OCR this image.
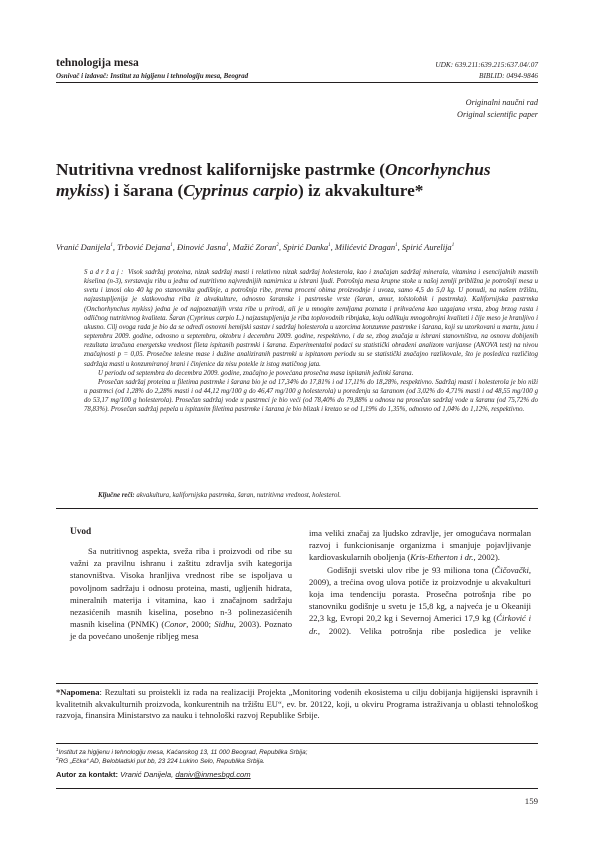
tehnologija mesa
Osnivač i izdavač: Institut za higijenu i tehnologiju mesa, Beograd
UDK: 639.211:639.215:637.04/.07
BIBLID: 0494-9846
Originalni naučni rad
Original scientific paper
Nutritivna vrednost kalifornijske pastrmke (Oncorhynchus mykiss) i šarana (Cyprinus carpio) iz akvakulture*
Vranić Danijela$^1$, Trbović Dejana$^1$, Đinović Jasna$^1$, Mažić Zoran$^2$, Spirić Danka$^1$, Milićević Dragan$^1$, Spirić Aurelija$^1$

Sadržaj: Visok sadržaj proteina, nizak sadržaj masti i relativno nizak sadržaj holesterola, kao i značajan sadržaj minerala, vitamina i esencijalnih masnih kiselina (n-3), svrstavaju ribu u jednu od nutritivno najvrednijih namirnica u ishrani ljudi. Potrošnja mesa krupne stoke u našoj zemlji približna je potrošnji mesa u svetu i iznosi oko 40 kg po stanovniku godišnje, a potrošnja ribe, prema proceni obima proizvodnje i uvoza, samo 4,5 do 5,0 kg. U ponudi, na našem tržištu, najzastupljenija je slatkovodna riba iz akvakulture, odnosno šaranske i pastrmske vrste (šaran, amur, tolstolobik i pastrmka). Kalifornijska pastrmka (Onchorhynchus mykiss) jedna je od najpoznatijih vrsta ribe u prirodi, ali je u mnogim zemljama poznata i prihvaćena kao uzgajana vrsta, zbog brzog rasta i odličnog nutritivnog kvaliteta. Šaran (Cyprinus carpio L.) najzastupljenija je riba toplovodnih ribnjaka, koju odlikuju mnogobrojni kvaliteti i čije meso je hranljivo i ukusno. Cilj ovoga rada je bio da se odredi osnovni hemijski sastav i sadržaj holesterola u uzorcima konzumne pastrmke i šarana, koji su uzorkovani u martu, junu i septembru 2009. godine, odnosno u septembru, oktobru i decembru 2009. godine, respektivno, i da se, zbog značaja u ishrani stanovništva, na osnovu dobijenih rezultata izračuna energetska vrednost fileta ispitanih pastrmki i šarana. Experimentalni podaci su statistički obrađeni analizom varijanse (ANOVA test) na nivou značajnosti p = 0,05. Prosečne telesne mase i dužine analiziranih pastrmki u ispitanom periodu su se statistički značajno razlikovale, što je posledica različitog sadržaja masti u konzumiranoj hrani i činjenice da nisu potekle iz istog matičnog jata.

U periodu od septembra do decembra 2009. godine, značajno je povećana prosečna masa ispitanih jedinki šarana.

Prosečan sadržaj proteina u filetima pastrmke i šarana bio je od 17,34% do 17,81% i od 17,11% do 18,28%, respektivno. Sadržaj masti i holesterola je bio niži u pastrmci (od 1,28% do 2,28% masti i od 44,12 mg/100 g do 46,47 mg/100 g holesterola) u poređenju sa šaranom (od 3,02% do 4,71% masti i od 48,55 mg/100 g do 53,17 mg/100 g holesterola). Prosečan sadržaj vode u pastrmci je bio veći (od 78,40% do 79,88% u odnosu na prosečan sadržaj vode u šaranu (od 75,72% do 78,83%). Prosečan sadržaj pepela u ispitanim filetima pastrmke i šarana je bio blizak i kretao se od 1,19% do 1,35%, odnosno od 1,04% do 1,12%, respektivno.

Ključne reči: akvakultura, kalifornijska pastrmka, šaran, nutritivna vrednost, holesterol.
Uvod

Sa nutritivnog aspekta, sveža riba i proizvodi od ribe su važni za pravilnu ishranu i zaštitu zdravlja svih kategorija stanovništva. Visoka hranljiva vrednost ribe se ispoljava u povoljnom sadržaju i odnosu proteina, masti, ugljenih hidrata, mineralnih materija i vitamina, kao i značajnom sadržaju nezasićenih masnih kiselina, posebno n-3 polinezasićenih masnih kiselina (PNMK) (Conor, 2000; Sidhu, 2003). Poznato je da povećano unošenje ribljeg mesa

ima veliki značaj za ljudsko zdravlje, jer omogućava normalan razvoj i funkcionisanje organizma i smanjuje pojavljivanje kardiovaskularnih oboljenja (Kris-Etherton i dr., 2002).

Godišnji svetski ulov ribe je 93 miliona tona (Čičovački, 2009), a trećina ovog ulova potiče iz proizvodnje u akvakulturi koja ima tendenciju porasta. Prosečna potrošnja ribe po stanovniku godišnje u svetu je 15,8 kg, a najveća je u Okeaniji 22,3 kg, Evropi 20,2 kg i Severnoj Americi 17,9 kg (Ćirković i dr., 2002). Velika potrošnja ribe posledica je velike

*Napomena: Rezultati su proistekli iz rada na realizaciji Projekta „Monitoring vodenih ekosistema u cilju dobijanja higijenski ispravnih i kvalitetnih akvakulturnih proizvoda, konkurentnih na tržištu EU“, ev. br. 20122, koji, u okviru Programa istraživanja u oblasti tehnološkog razvoja, finansira Ministarstvo za nauku i tehnološki razvoj Republike Srbije.
$^1$Institut za higijenu i tehnologiju mesa, Kaćanskog 13, 11 000 Beograd, Republika Srbija;
$^2$RG „Ečka“ AD, Belobladski put bb, 23 224 Lukino Selo, Republika Srbija.
Autor za kontakt: Vranić Danijela, daniv@inmesbgd.com
159
